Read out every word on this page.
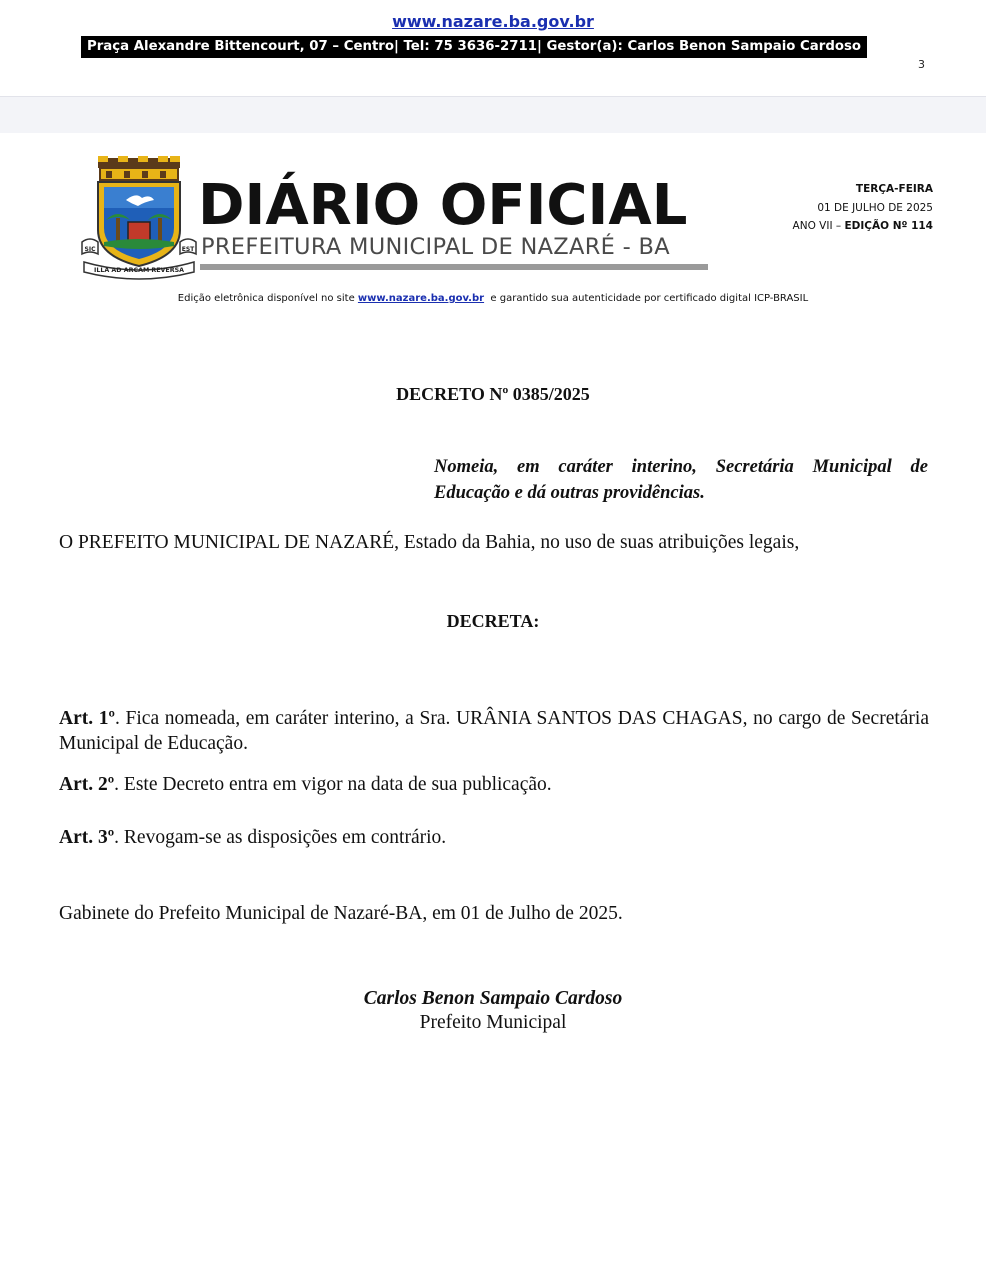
www.nazare.ba.gov.br
Praça Alexandre Bittencourt, 07 – Centro| Tel: 75 3636-2711| Gestor(a): Carlos Benon Sampaio Cardoso
3
SIC	EST
ILLA AD ARCAM REVERSA
DIÁRIO OFICIAL
PREFEITURA MUNICIPAL DE NAZARÉ - BA
TERÇA-FEIRA
01 DE JULHO DE 2025
ANO VII – EDIÇÃO Nº 114
Edição eletrônica disponível no site www.nazare.ba.gov.br  e garantido sua autenticidade por certificado digital ICP-BRASIL
DECRETO Nº 0385/2025
Nomeia, em caráter interino, Secretária Municipal de
Educação e dá outras providências.
O PREFEITO MUNICIPAL DE NAZARÉ, Estado da Bahia, no uso de suas atribuições legais,
DECRETA:
Art. 1º. Fica nomeada, em caráter interino, a Sra. URÂNIA SANTOS DAS CHAGAS, no cargo de Secretária
Municipal de Educação.
Art. 2º. Este Decreto entra em vigor na data de sua publicação.
Art. 3º. Revogam-se as disposições em contrário.
Gabinete do Prefeito Municipal de Nazaré-BA, em 01 de Julho de 2025.
Carlos Benon Sampaio Cardoso
Prefeito Municipal
